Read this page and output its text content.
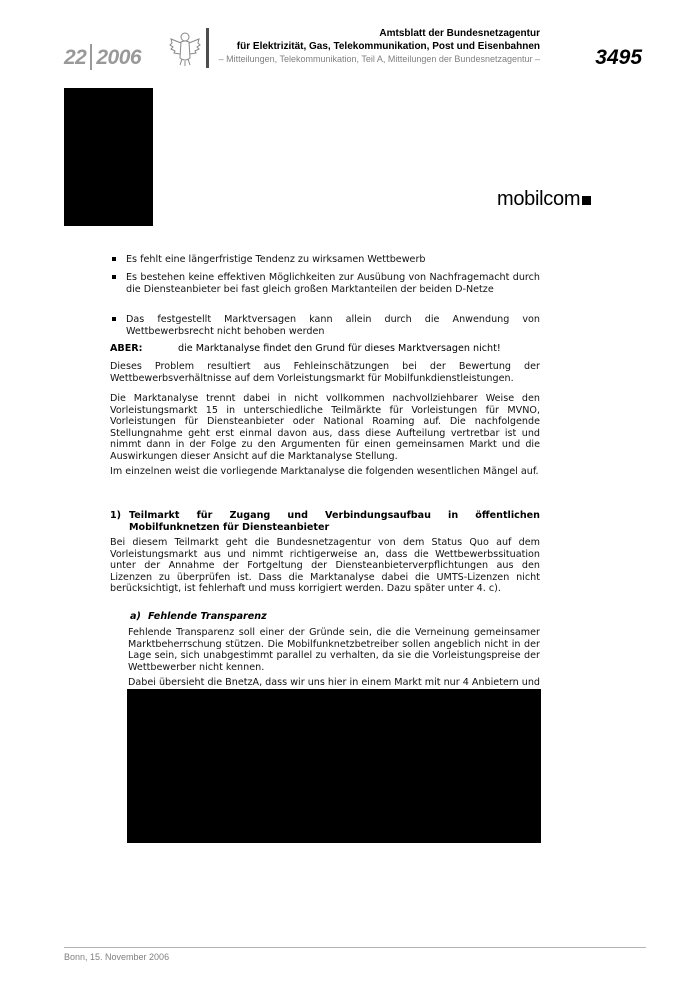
22 2006
Amtsblatt der Bundesnetzagentur
für Elektrizität, Gas, Telekommunikation, Post und Eisenbahnen
– Mitteilungen, Telekommunikation, Teil A, Mitteilungen der Bundesnetzagentur –	3495
mobilcom
Es fehlt eine längerfristige Tendenz zu wirksamen Wettbewerb
Es bestehen keine effektiven Möglichkeiten zur Ausübung von Nachfragemacht durch die Diensteanbieter bei fast gleich großen Marktanteilen der beiden D-Netze
Das festgestellt Marktversagen kann allein durch die Anwendung von Wettbewerbsrecht nicht behoben werden
ABER:	die Marktanalyse findet den Grund für dieses Marktversagen nicht!
Dieses Problem resultiert aus Fehleinschätzungen bei der Bewertung der Wettbewerbsverhältnisse auf dem Vorleistungsmarkt für Mobilfunkdienstleistungen.
Die Marktanalyse trennt dabei in nicht vollkommen nachvollziehbarer Weise den Vorleistungsmarkt 15 in unterschiedliche Teilmärkte für Vorleistungen für MVNO, Vorleistungen für Diensteanbieter oder National Roaming auf. Die nachfolgende Stellungnahme geht erst einmal davon aus, dass diese Aufteilung vertretbar ist und nimmt dann in der Folge zu den Argumenten für einen gemeinsamen Markt und die Auswirkungen dieser Ansicht auf die Marktanalyse Stellung.
Im einzelnen weist die vorliegende Marktanalyse die folgenden wesentlichen Mängel auf.
1) Teilmarkt für Zugang und Verbindungsaufbau in öffentlichen Mobilfunknetzen für Diensteanbieter
Bei diesem Teilmarkt geht die Bundesnetzagentur von dem Status Quo auf dem Vorleistungsmarkt aus und nimmt richtigerweise an, dass die Wettbewerbssituation unter der Annahme der Fortgeltung der Diensteanbieterverpflichtungen aus den Lizenzen zu überprüfen ist. Dass die Marktanalyse dabei die UMTS-Lizenzen nicht berücksichtigt, ist fehlerhaft und muss korrigiert werden. Dazu später unter 4. c).
a) Fehlende Transparenz
Fehlende Transparenz soll einer der Gründe sein, die die Verneinung gemeinsamer Marktbeherrschung stützen. Die Mobilfunknetzbetreiber sollen angeblich nicht in der Lage sein, sich unabgestimmt parallel zu verhalten, da sie die Vorleistungspreise der Wettbewerber nicht kennen.
Dabei übersieht die BnetzA, dass wir uns hier in einem Markt mit nur 4 Anbietern und
Bonn, 15. November 2006
